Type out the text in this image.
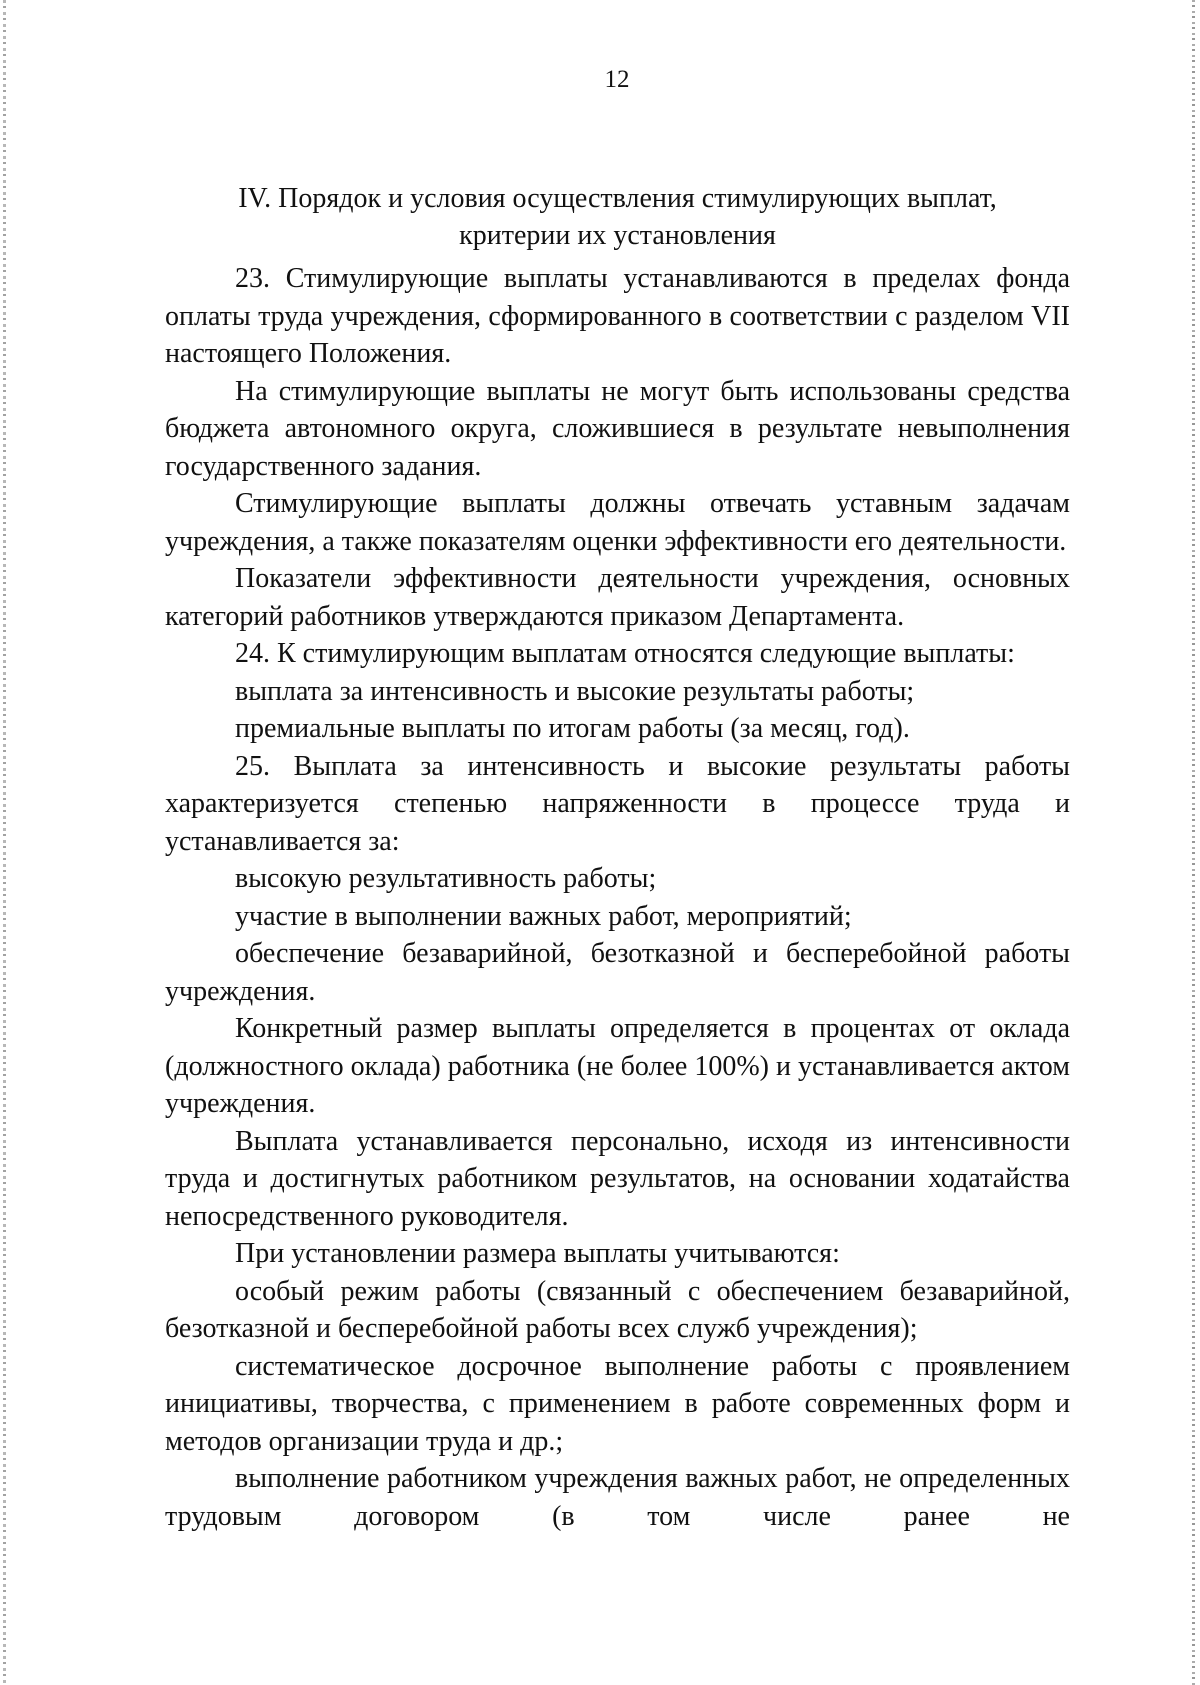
12
IV. Порядок и условия осуществления стимулирующих выплат,
критерии их установления

23. Стимулирующие выплаты устанавливаются в пределах фонда оплаты труда учреждения, сформированного в соответствии с разделом VII настоящего Положения.

На стимулирующие выплаты не могут быть использованы средства бюджета автономного округа, сложившиеся в результате невыполнения государственного задания.

Стимулирующие выплаты должны отвечать уставным задачам учреждения, а также показателям оценки эффективности его деятельности.

Показатели эффективности деятельности учреждения, основных категорий работников утверждаются приказом Департамента.

24. К стимулирующим выплатам относятся следующие выплаты:

выплата за интенсивность и высокие результаты работы;

премиальные выплаты по итогам работы (за месяц, год).

25. Выплата за интенсивность и высокие результаты работы характеризуется степенью напряженности в процессе труда и устанавливается за:

высокую результативность работы;

участие в выполнении важных работ, мероприятий;

обеспечение безаварийной, безотказной и бесперебойной работы учреждения.

Конкретный размер выплаты определяется в процентах от оклада (должностного оклада) работника (не более 100%) и устанавливается актом учреждения.

Выплата устанавливается персонально, исходя из интенсивности труда и достигнутых работником результатов, на основании ходатайства непосредственного руководителя.

При установлении размера выплаты учитываются:

особый режим работы (связанный с обеспечением безаварийной, безотказной и бесперебойной работы всех служб учреждения);

систематическое досрочное выполнение работы с проявлением инициативы, творчества, с применением в работе современных форм и методов организации труда и др.;

выполнение работником учреждения важных работ, не определенных трудовым договором (в том числе ранее не
